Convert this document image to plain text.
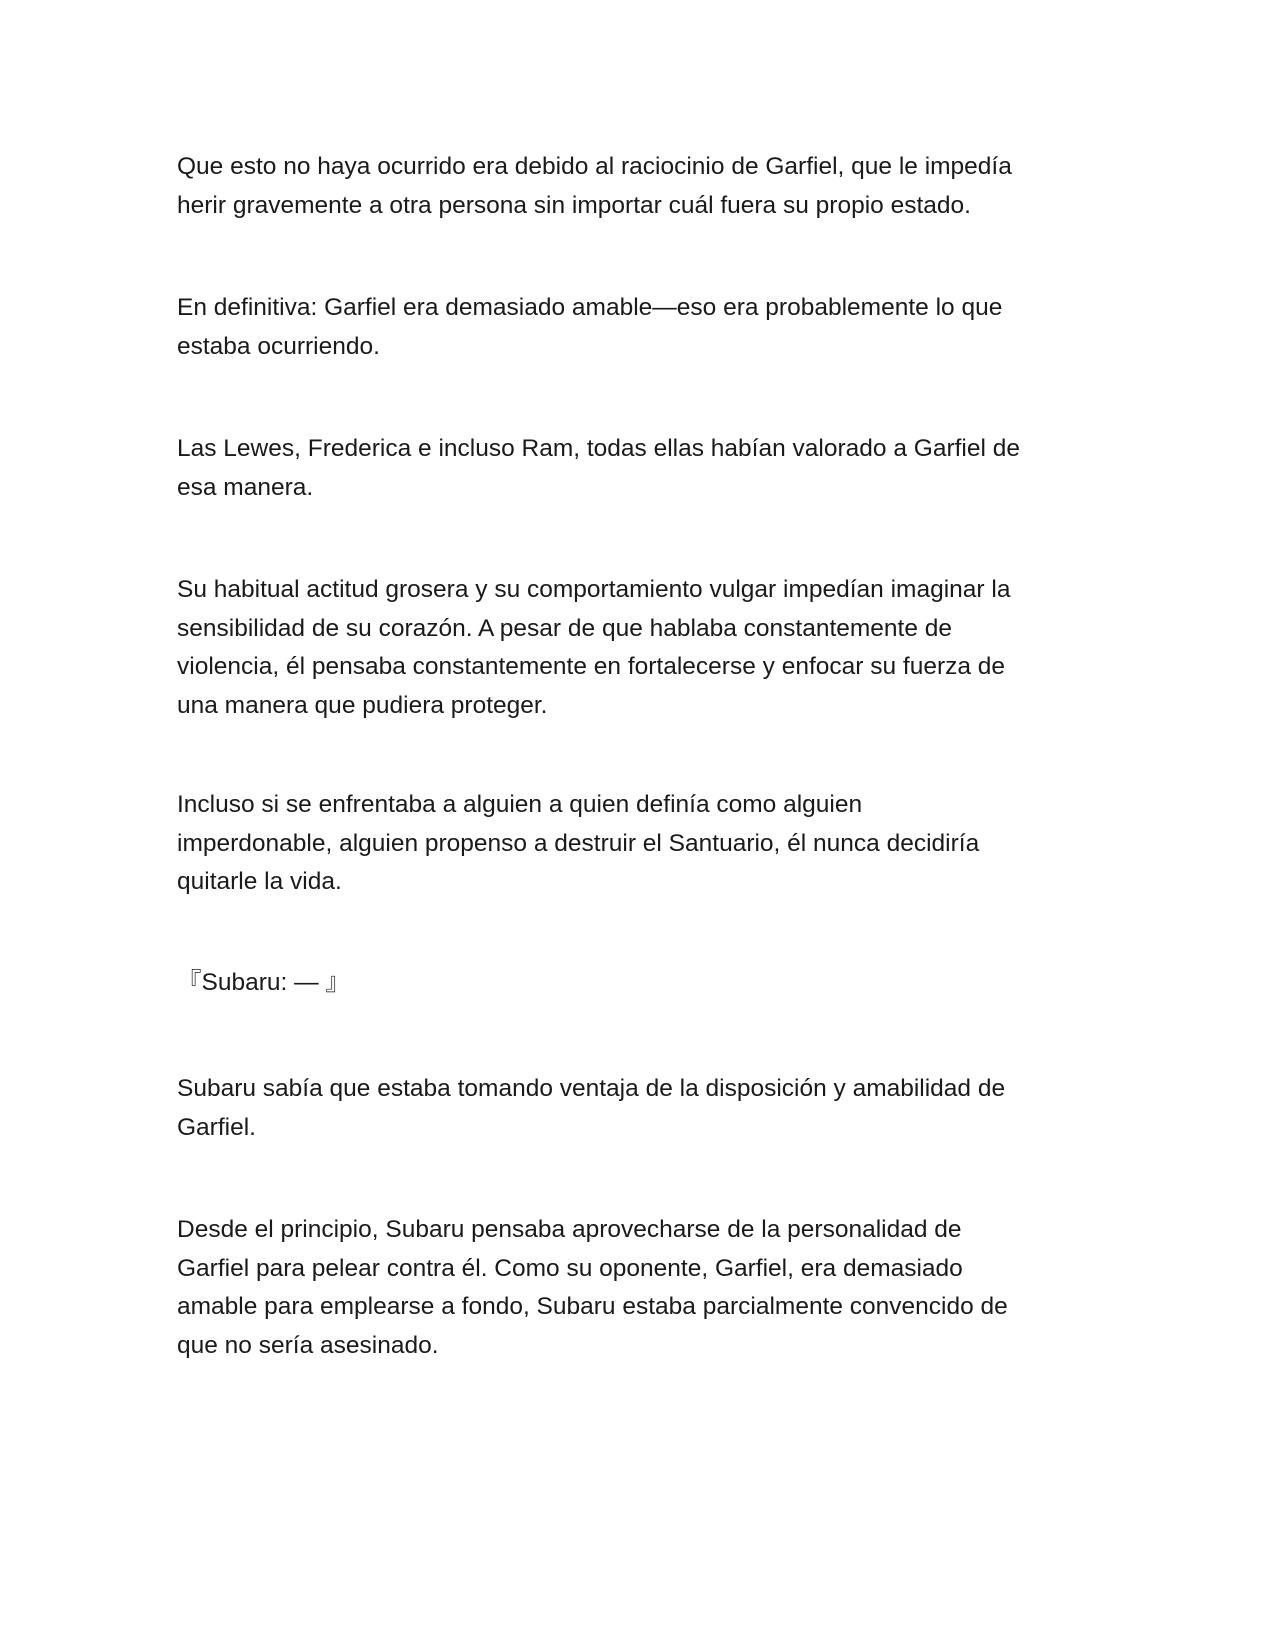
Que esto no haya ocurrido era debido al raciocinio de Garfiel, que le impedía
herir gravemente a otra persona sin importar cuál fuera su propio estado.

En definitiva: Garfiel era demasiado amable—eso era probablemente lo que
estaba ocurriendo.

Las Lewes, Frederica e incluso Ram, todas ellas habían valorado a Garfiel de
esa manera.

Su habitual actitud grosera y su comportamiento vulgar impedían imaginar la
sensibilidad de su corazón. A pesar de que hablaba constantemente de
violencia, él pensaba constantemente en fortalecerse y enfocar su fuerza de
una manera que pudiera proteger.

Incluso si se enfrentaba a alguien a quien definía como alguien
imperdonable, alguien propenso a destruir el Santuario, él nunca decidiría
quitarle la vida.

『Subaru: — 』

Subaru sabía que estaba tomando ventaja de la disposición y amabilidad de
Garfiel.

Desde el principio, Subaru pensaba aprovecharse de la personalidad de
Garfiel para pelear contra él. Como su oponente, Garfiel, era demasiado
amable para emplearse a fondo, Subaru estaba parcialmente convencido de
que no sería asesinado.
